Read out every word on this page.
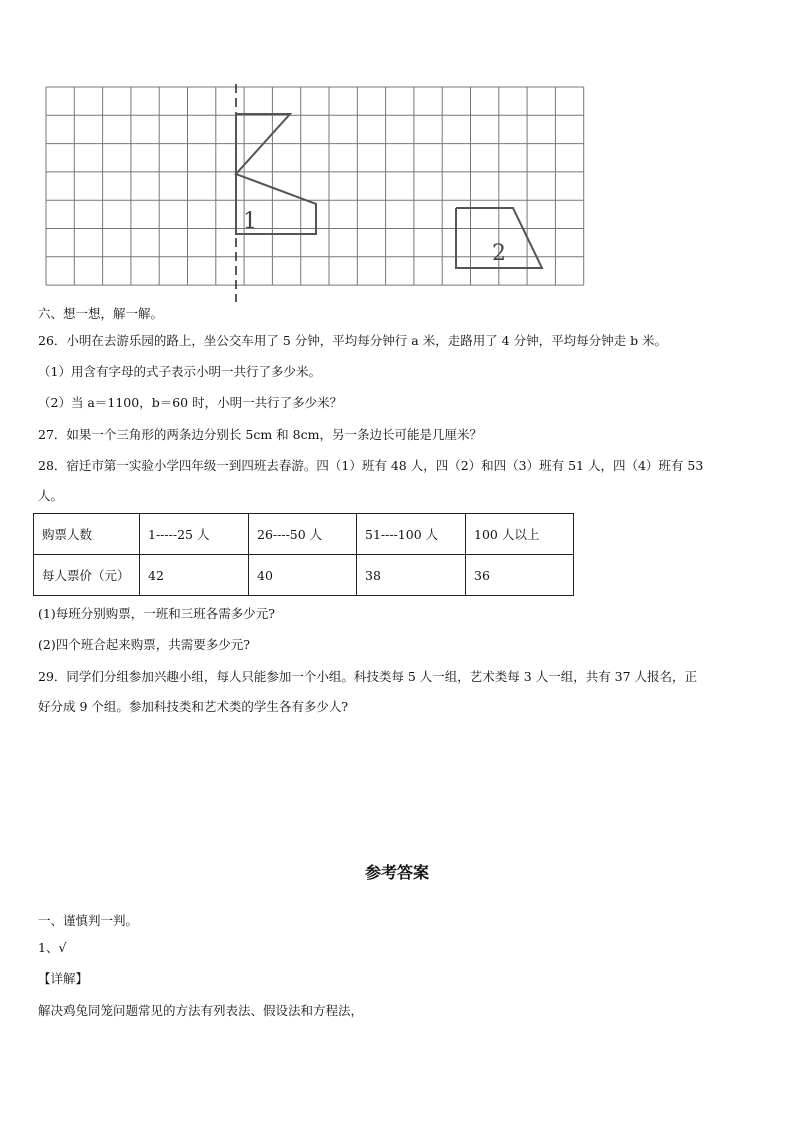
1
2
六、想一想，解一解。
26．小明在去游乐园的路上，坐公交车用了 5 分钟，平均每分钟行 a 米，走路用了 4 分钟，平均每分钟走 b 米。
（1）用含有字母的式子表示小明一共行了多少米。
（2）当 a＝1100，b＝60 时，小明一共行了多少米？
27．如果一个三角形的两条边分别长 5cm 和 8cm，另一条边长可能是几厘米？
28．宿迁市第一实验小学四年级一到四班去春游。四（1）班有 48 人，四（2）和四（3）班有 51 人，四（4）班有 53
人。
购票人数	1-----25 人	26----50 人	51----100 人	100 人以上
每人票价（元）	42	40	38	36
(1)每班分别购票，一班和三班各需多少元?
(2)四个班合起来购票，共需要多少元?
29．同学们分组参加兴趣小组，每人只能参加一个小组。科技类每 5 人一组，艺术类每 3 人一组，共有 37 人报名，正
好分成 9 个组。参加科技类和艺术类的学生各有多少人?
参考答案
一、谨慎判一判。
1、√
【详解】
解决鸡兔同笼问题常见的方法有列表法、假设法和方程法，
